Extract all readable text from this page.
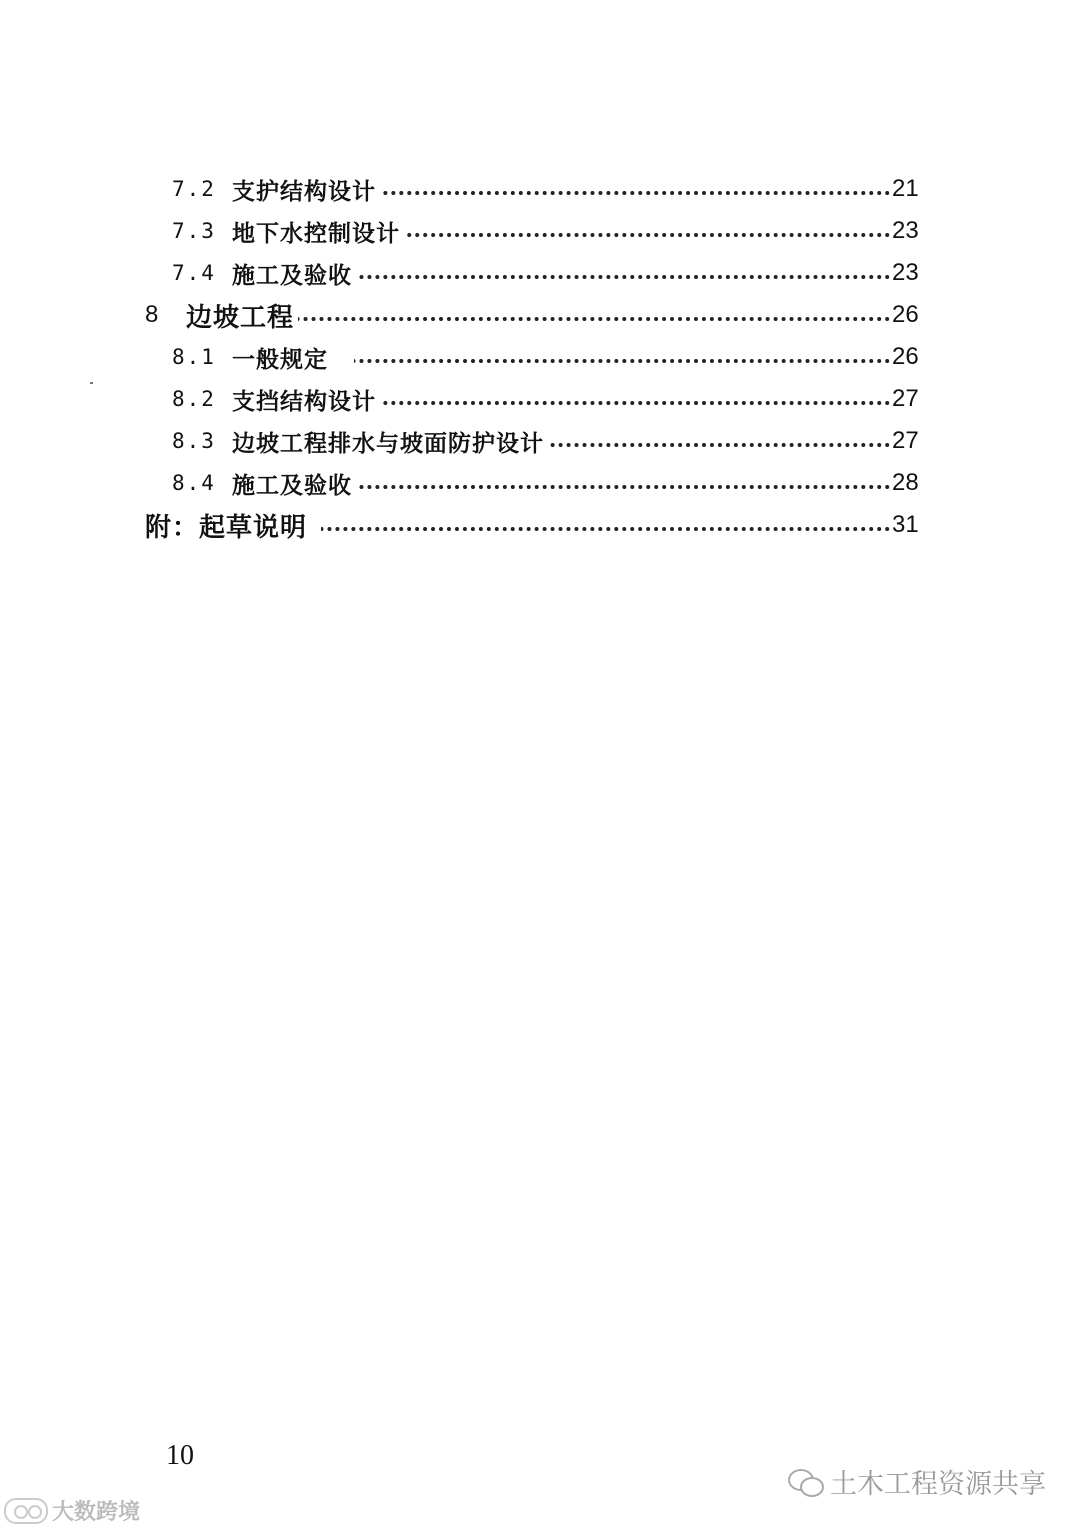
7.2 支护结构设计	21
7.3 地下水控制设计	23
7.4 施工及验收	23
8 边坡工程	26
8.1 一般规定	26
8.2 支挡结构设计	27
8.3 边坡工程排水与坡面防护设计	27
8.4 施工及验收	28
附：起草说明	31
10
土木工程资源共享
大数跨境
